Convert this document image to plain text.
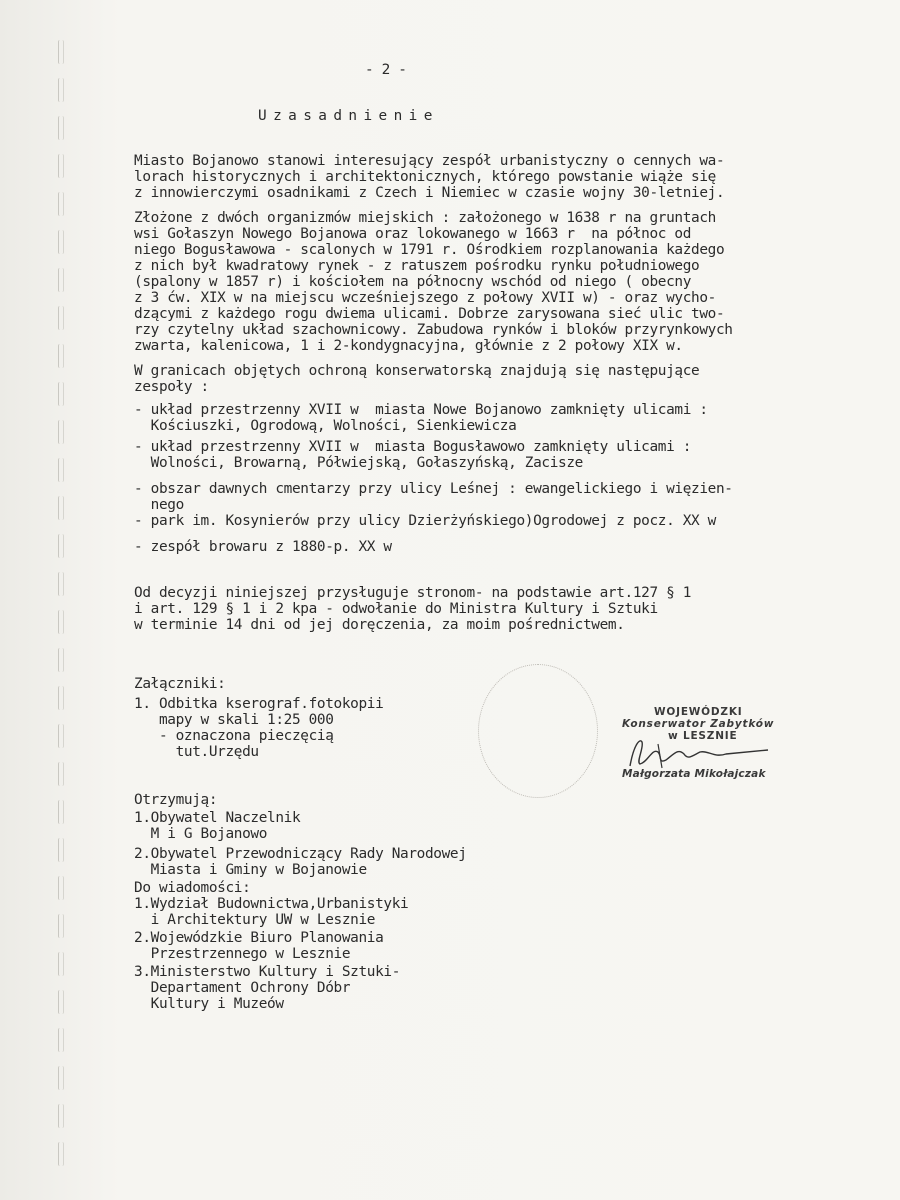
- 2 -
Uzasadnienie
Miasto Bojanowo stanowi interesujący zespół urbanistyczny o cennych wa-
lorach historycznych i architektonicznych, którego powstanie wiąże się
z innowierczymi osadnikami z Czech i Niemiec w czasie wojny 30-letniej.
Złożone z dwóch organizmów miejskich : założonego w 1638 r na gruntach
wsi Gołaszyn Nowego Bojanowa oraz lokowanego w 1663 r  na północ od
niego Bogusławowa - scalonych w 1791 r. Ośrodkiem rozplanowania każdego
z nich był kwadratowy rynek - z ratuszem pośrodku rynku południowego
(spalony w 1857 r) i kościołem na północny wschód od niego ( obecny
z 3 ćw. XIX w na miejscu wcześniejszego z połowy XVII w) - oraz wycho-
dzącymi z każdego rogu dwiema ulicami. Dobrze zarysowana sieć ulic two-
rzy czytelny układ szachownicowy. Zabudowa rynków i bloków przyrynkowych
zwarta, kalenicowa, 1 i 2-kondygnacyjna, głównie z 2 połowy XIX w.
W granicach objętych ochroną konserwatorską znajdują się następujące
zespoły :
- układ przestrzenny XVII w  miasta Nowe Bojanowo zamknięty ulicami :
Kościuszki, Ogrodową, Wolności, Sienkiewicza
- układ przestrzenny XVII w  miasta Bogusławowo zamknięty ulicami :
Wolności, Browarną, Półwiejską, Gołaszyńską, Zacisze
- obszar dawnych cmentarzy przy ulicy Leśnej : ewangelickiego i więzien-
nego
- park im. Kosynierów przy ulicy Dzierżyńskiego)Ogrodowej z pocz. XX w
- zespół browaru z 1880-p. XX w
Od decyzji niniejszej przysługuje stronom- na podstawie art.127 § 1
i art. 129 § 1 i 2 kpa - odwołanie do Ministra Kultury i Sztuki
w terminie 14 dni od jej doręczenia, za moim pośrednictwem.
Załączniki:
1. Odbitka kserograf.fotokopii
mapy w skali 1:25 000
- oznaczona pieczęcią
tut.Urzędu
Otrzymują:
1.Obywatel Naczelnik
M i G Bojanowo
2.Obywatel Przewodniczący Rady Narodowej
Miasta i Gminy w Bojanowie
Do wiadomości:
1.Wydział Budownictwa,Urbanistyki
i Architektury UW w Lesznie
2.Wojewódzkie Biuro Planowania
Przestrzennego w Lesznie
3.Ministerstwo Kultury i Sztuki-
Departament Ochrony Dóbr
Kultury i Muzeów
WOJEWÓDZKI
Konserwator Zabytków
w LESZNIE
Małgorzata Mikołajczak
